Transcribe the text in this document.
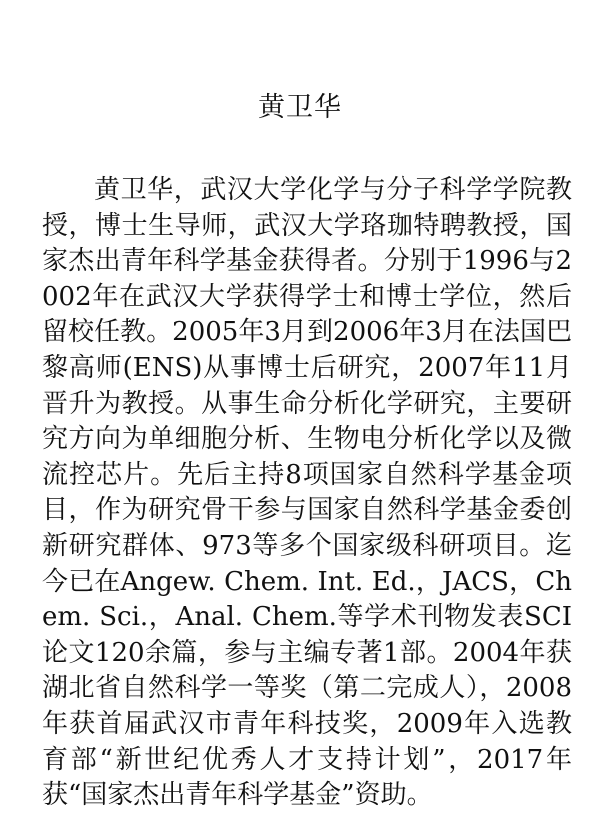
黄卫华

黄卫华，武汉大学化学与分子科学学院教授，博士生导师，武汉大学珞珈特聘教授，国家杰出青年科学基金获得者。分别于1996与2002年在武汉大学获得学士和博士学位，然后留校任教。2005年3月到2006年3月在法国巴黎高师(ENS)从事博士后研究，2007年11月晋升为教授。从事生命分析化学研究，主要研究方向为单细胞分析、生物电分析化学以及微流控芯片。先后主持8项国家自然科学基金项目，作为研究骨干参与国家自然科学基金委创新研究群体、973等多个国家级科研项目。迄今已在Angew. Chem. Int. Ed.，JACS，Chem. Sci.，Anal. Chem.等学术刊物发表SCI论文120余篇，参与主编专著1部。2004年获湖北省自然科学一等奖（第二完成人），2008年获首届武汉市青年科技奖，2009年入选教育部“新世纪优秀人才支持计划”，2017年获“国家杰出青年科学基金”资助。
